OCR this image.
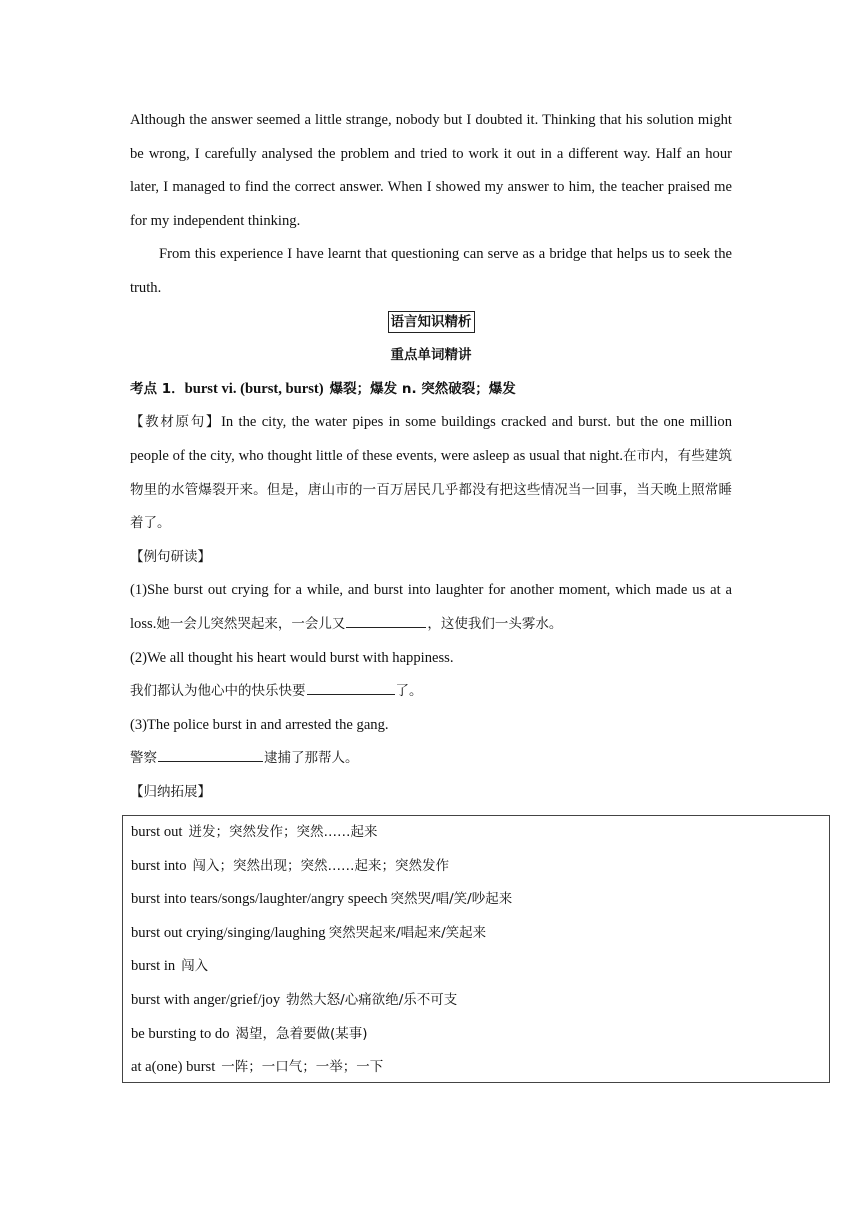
Although the answer seemed a little strange, nobody but I doubted it. Thinking that his solution might be wrong, I carefully analysed the problem and tried to work it out in a different way. Half an hour later, I managed to find the correct answer. When I showed my answer to him, the teacher praised me for my independent thinking.

From this experience I have learnt that questioning can serve as a bridge that helps us to seek the truth.

语言知识精析

重点单词精讲

考点 1．burst vi. (burst, burst) 爆裂；爆发 n. 突然破裂；爆发

【教材原句】In the city, the water pipes in some buildings cracked and burst. but the one million people of the city, who thought little of these events, were asleep as usual that night.在市内，有些建筑物里的水管爆裂开来。但是，唐山市的一百万居民几乎都没有把这些情况当一回事，当天晚上照常睡着了。

【例句研读】

(1)She burst out crying for a while, and burst into laughter for another moment, which made us at a loss.她一会儿突然哭起来，一会儿又	，这使我们一头雾水。

(2)We all thought his heart would burst with happiness.

我们都认为他心中的快乐快要	了。

(3)The police burst in and arrested the gang.

警察	逮捕了那帮人。

【归纳拓展】

burst out 迸发；突然发作；突然……起来

burst into 闯入；突然出现；突然……起来；突然发作

burst into tears/songs/laughter/angry speech 突然哭/唱/笑/吵起来

burst out crying/singing/laughing 突然哭起来/唱起来/笑起来

burst in 闯入

burst with anger/grief/joy 勃然大怒/心痛欲绝/乐不可支

be bursting to do 渴望，急着要做(某事)

at a(one) burst 一阵；一口气；一举；一下
